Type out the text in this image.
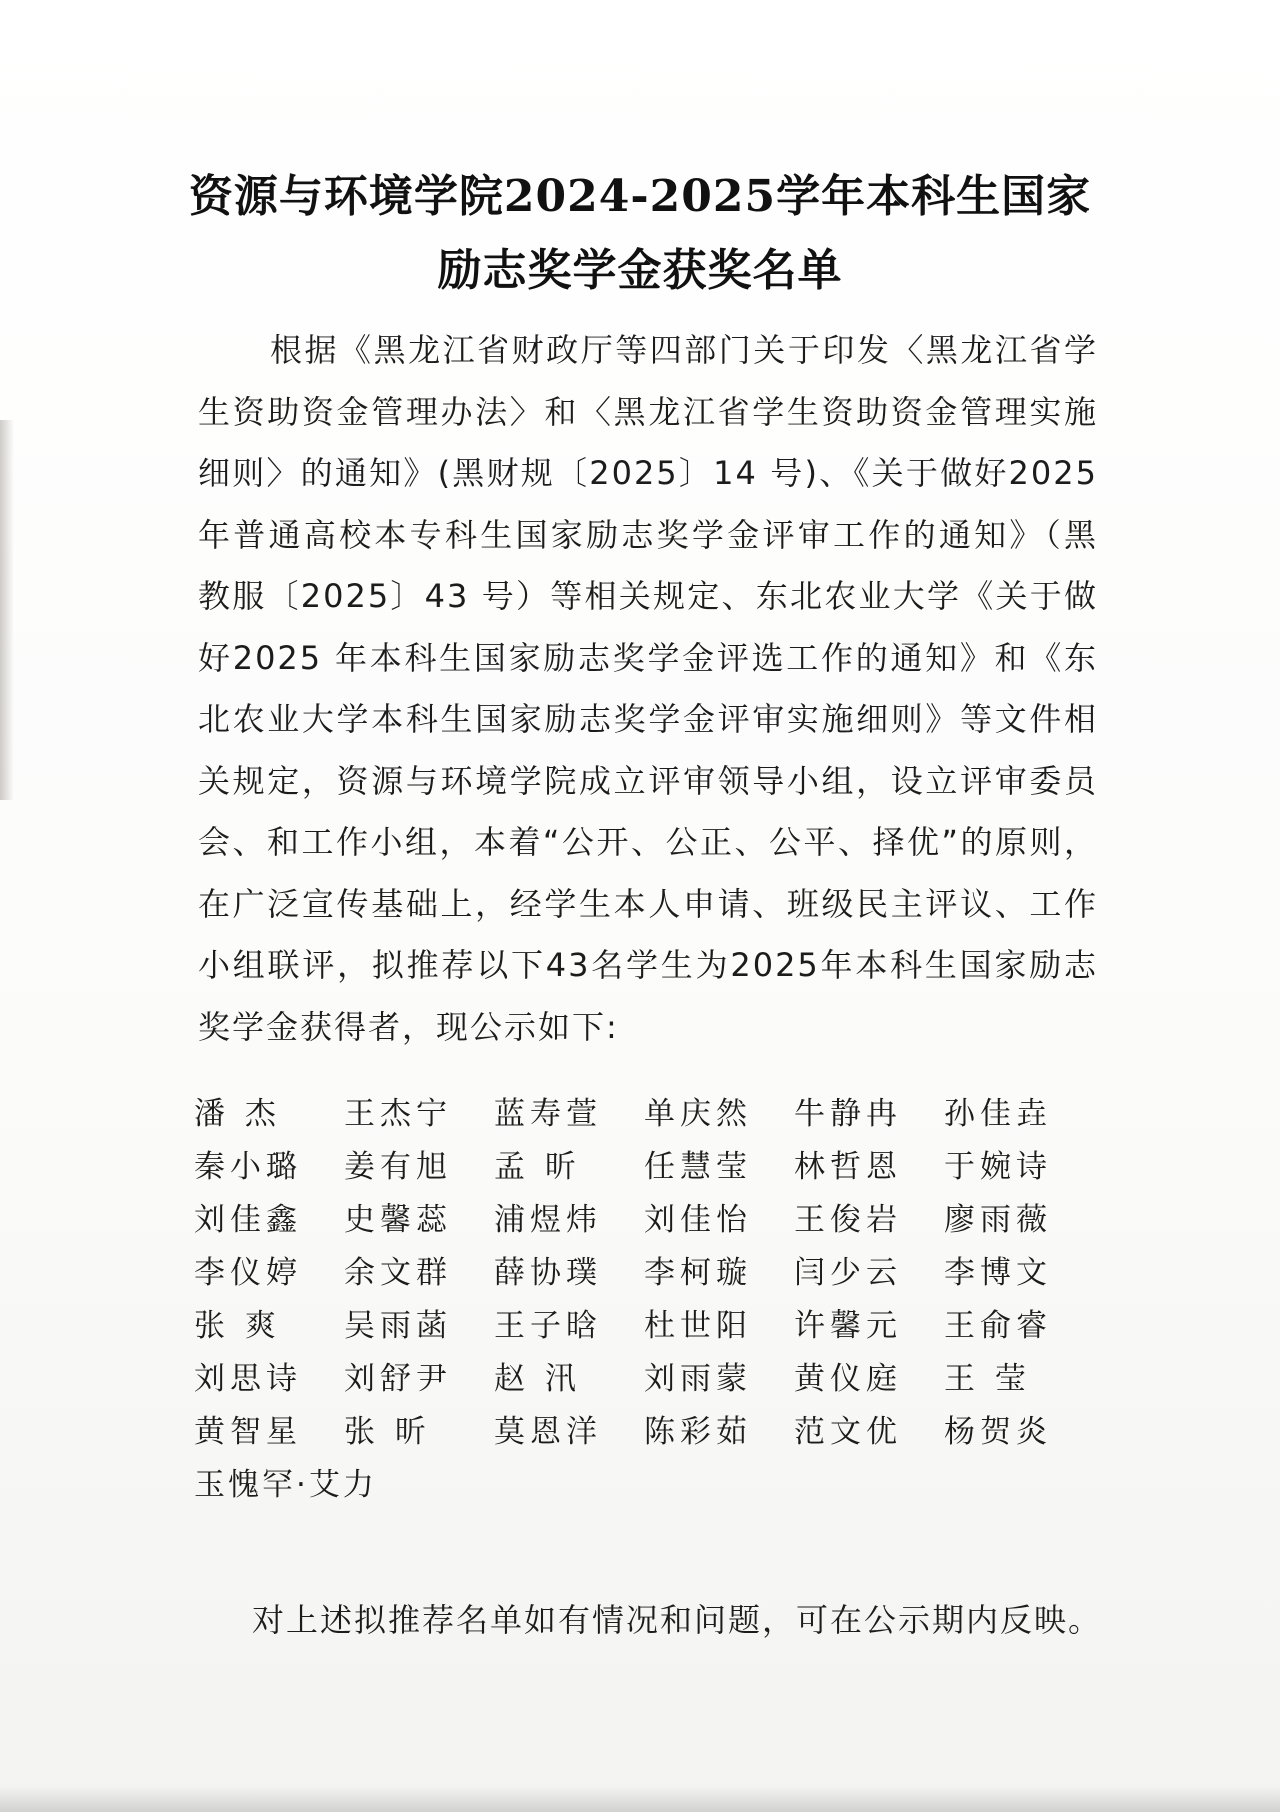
资源与环境学院2024-2025学年本科生国家
励志奖学金获奖名单
根据《黑龙江省财政厅等四部门关于印发〈黑龙江省学生资助资金管理办法〉和〈黑龙江省学生资助资金管理实施细则〉的通知》(黑财规〔2025〕14 号)、《关于做好2025年普通高校本专科生国家励志奖学金评审工作的通知》（黑教服〔2025〕43 号）等相关规定、东北农业大学《关于做好2025 年本科生国家励志奖学金评选工作的通知》和《东北农业大学本科生国家励志奖学金评审实施细则》等文件相关规定，资源与环境学院成立评审领导小组，设立评审委员会、和工作小组，本着“公开、公正、公平、择优”的原则，在广泛宣传基础上，经学生本人申请、班级民主评议、工作小组联评，拟推荐以下43名学生为2025年本科生国家励志奖学金获得者，现公示如下:
潘 杰	王杰宁	蓝寿萱	单庆然	牛静冉	孙佳垚
秦小璐	姜有旭	孟 昕	任慧莹	林哲恩	于婉诗
刘佳鑫	史馨蕊	浦煜炜	刘佳怡	王俊岩	廖雨薇
李仪婷	余文群	薛协璞	李柯璇	闫少云	李博文
张 爽	吴雨菡	王子晗	杜世阳	许馨元	王俞睿
刘思诗	刘舒尹	赵 汛	刘雨蒙	黄仪庭	王 莹
黄智星	张 昕	莫恩洋	陈彩茹	范文优	杨贺炎
玉愧罕·艾力
对上述拟推荐名单如有情况和问题，可在公示期内反映。
